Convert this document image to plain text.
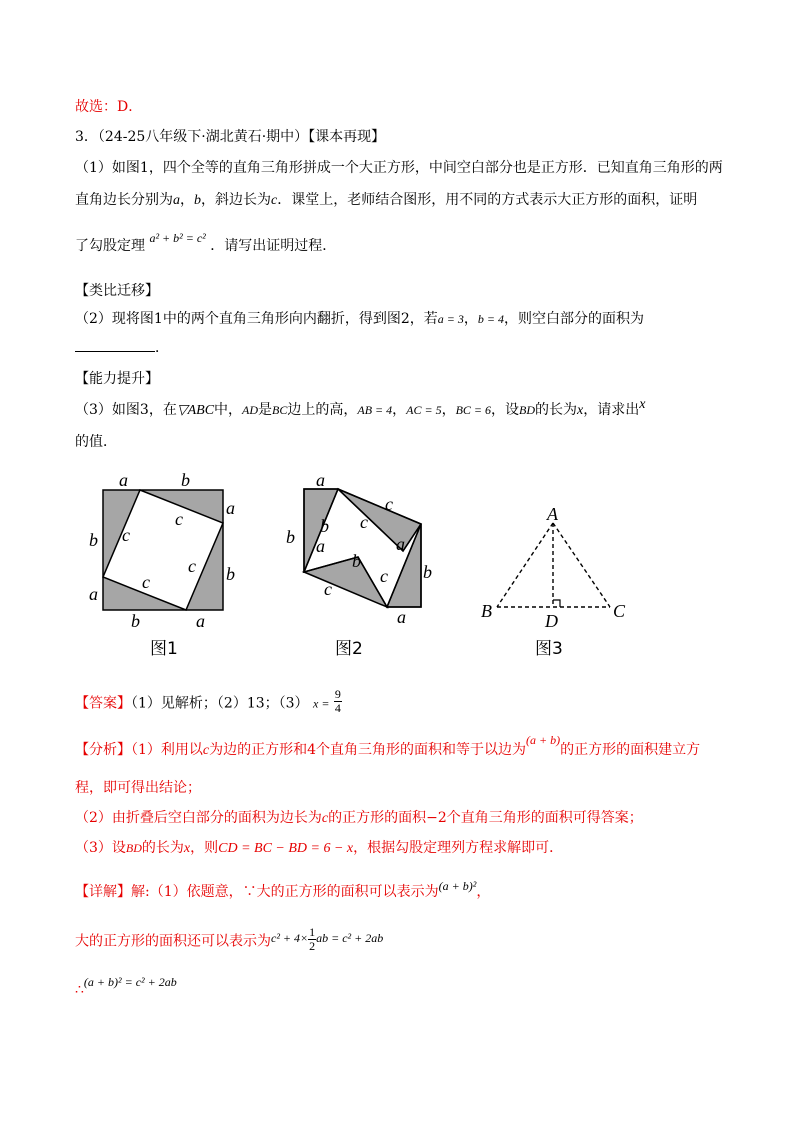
故选：D．
3．（24-25八年级下·湖北黄石·期中）【课本再现】
（1）如图1，四个全等的直角三角形拼成一个大正方形，中间空白部分也是正方形．已知直角三角形的两
直角边长分别为a，b，斜边长为c．课堂上，老师结合图形，用不同的方式表示大正方形的面积，证明
了勾股定理 a² + b² = c² ．请写出证明过程．
【类比迁移】
（2）现将图1中的两个直角三角形向内翻折，得到图2，若a = 3，b = 4，则空白部分的面积为
．
【能力提升】
（3）如图3，在▽ABC中，AD是BC边上的高，AB = 4，AC = 5，BC = 6，设BD的长为x，请求出x
的值．
a	b
a
b
a
b
a
b
c
c
c
c
图1
a
b
b
a
c
c
a
b
c
a
c
b
图2
A
B	C
D
图3
【答案】（1）见解析；（2）13；（3） $x = \frac{9}{4}$
【分析】（1）利用以c为边的正方形和4个直角三角形的面积和等于以边为(a + b)的正方形的面积建立方
程，即可得出结论；
（2）由折叠后空白部分的面积为边长为c的正方形的面积−2个直角三角形的面积可得答案；
（3）设BD的长为x，则CD = BC − BD = 6 − x，根据勾股定理列方程求解即可．
【详解】解:（1）依题意，∵大的正方形的面积可以表示为(a + b)²，
大的正方形的面积还可以表示为$c^2 + 4\times \frac{1}{2}$ ab = c² + 2ab
∴(a + b)² = c² + 2ab
